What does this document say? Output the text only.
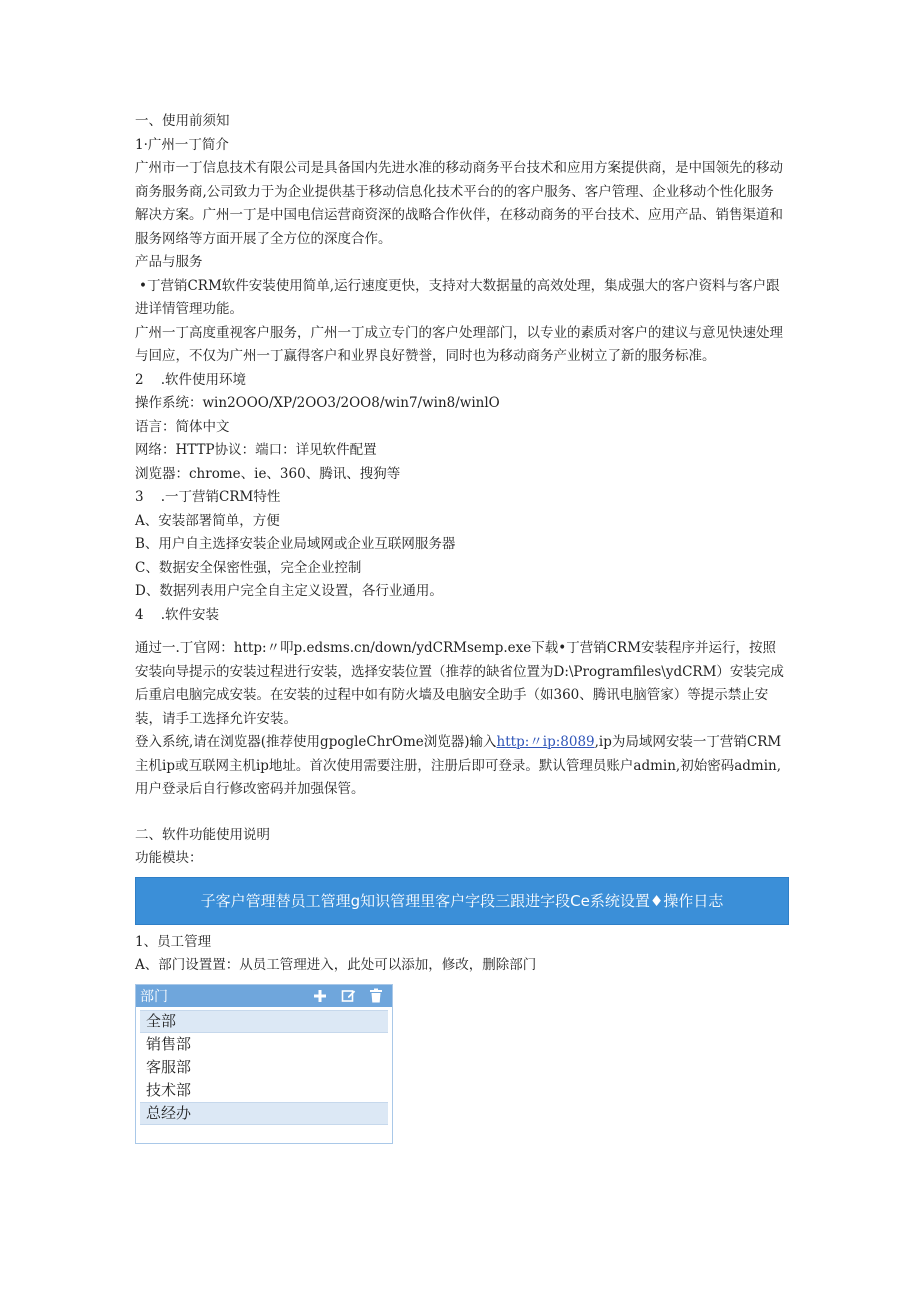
一、使用前须知

1·广州一丁简介

广州市一丁信息技术有限公司是具备国内先进水准的移动商务平台技术和应用方案提供商，是中国领先的移动商务服务商,公司致力于为企业提供基于移动信息化技术平台的的客户服务、客户管理、企业移动个性化服务解决方案。广州一丁是中国电信运营商资深的战略合作伙伴，在移动商务的平台技术、应用产品、销售渠道和服务网络等方面开展了全方位的深度合作。

产品与服务

•丁营销CRM软件安装使用简单,运行速度更快，支持对大数据量的高效处理，集成强大的客户资料与客户跟进详情管理功能。

广州一丁高度重视客户服务，广州一丁成立专门的客户处理部门，以专业的素质对客户的建议与意见快速处理与回应，不仅为广州一丁赢得客户和业界良好赞誉，同时也为移动商务产业树立了新的服务标准。

2    .软件使用环境

操作系统：win2OOO/XP/2OO3/2OO8/win7/win8/winlO

语言：简体中文

网络：HTTP协议：端口：详见软件配置

浏览器：chrome、ie、360、腾讯、搜狗等

3    .一丁营销CRM特性

A、安装部署简单，方便

B、用户自主选择安装企业局域网或企业互联网服务器

C、数据安全保密性强，完全企业控制

D、数据列表用户完全自主定义设置，各行业通用。

4    .软件安装

通过一.丁官网：http:〃叩p.edsms.cn/down/ydCRMsemp.exe下载•丁营销CRM安装程序并运行，按照安装向导提示的安装过程进行安装，选择安装位置（推荐的缺省位置为D:\Programfiles\ydCRM）安装完成后重启电脑完成安装。在安装的过程中如有防火墙及电脑安全助手（如360、腾讯电脑管家）等提示禁止安装，请手工选择允许安装。

登入系统,请在浏览器(推荐使用gpogleChrOme浏览器)输入http:〃ip:8089,ip为局域网安装一丁营销CRM主机ip或互联网主机ip地址。首次使用需要注册，注册后即可登录。默认管理员账户admin,初始密码admin,用户登录后自行修改密码并加强保管。

二、软件功能使用说明

功能模块：

子客户管理替员工管理g知识管理里客户字段三跟进字段Ce系统设置♦操作日志

1、员工管理

A、部门设置置：从员工管理进入，此处可以添加，修改，删除部门

部门
全部
销售部
客服部
技术部
总经办
